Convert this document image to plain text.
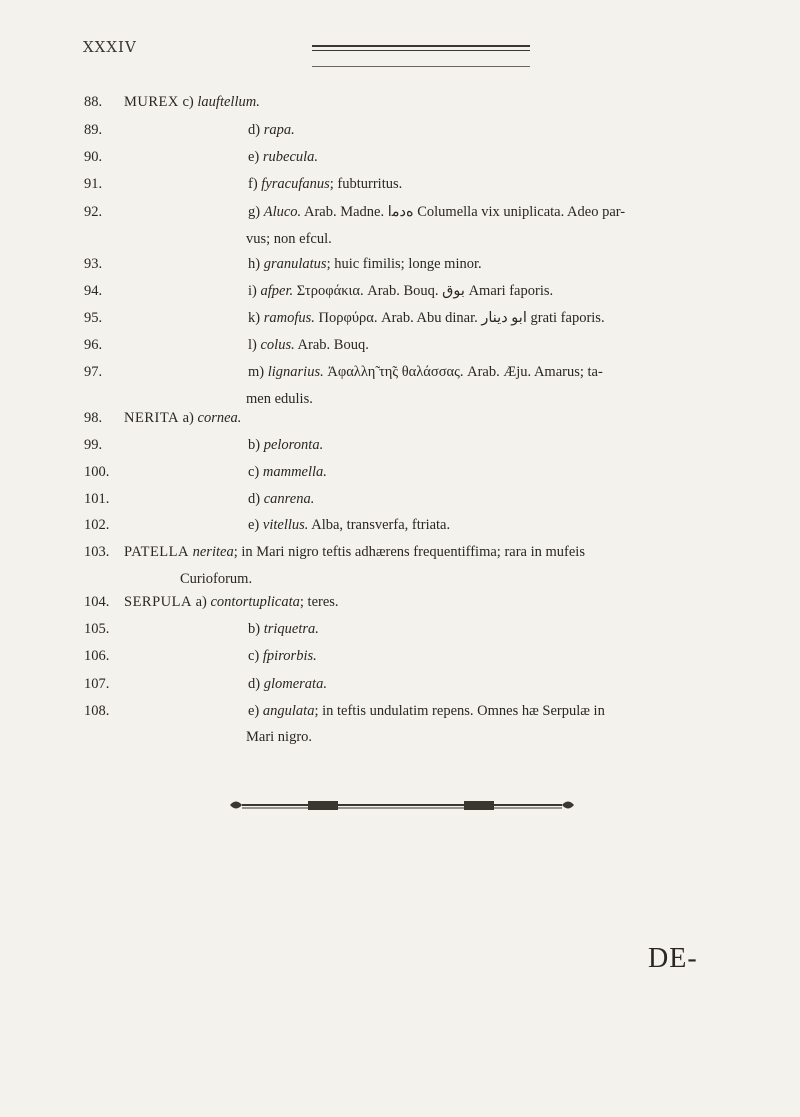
XXXIV
88. MUREX c) lauftellum.
89.	d) rapa.
90.	e) rubecula.
91.	f) fyracufanus; fubturritus.
92.	g) Aluco. Arab. Madne. ﻩﺩﻣﺍ Columella vix uniplicata. Adeo par-
vus; non efcul.
93.	h) granulatus; huic fimilis; longe minor.
94.	i) afper. Στροφάκια. Arab. Bouq. ﺑﻮﻕ Amari faporis.
95.	k) ramofus. Πορφύρα. Arab. Abu dinar. ﺍﺑﻮ ﺩﻳﻨﺎﺭ grati faporis.
96.	l) colus. Arab. Bouq.
97.	m) lignarius. Ἀφαλλη̃ τη̃ς θαλάσσας. Arab. Æju. Amarus; ta-
men edulis.
98. NERITA a) cornea.
99.	b) peloronta.
100.	c) mammella.
101.	d) canrena.
102.	e) vitellus. Alba, transverfa, ftriata.
103. PATELLA neritea; in Mari nigro teftis adhærens frequentiffima; rara in mufeis
Curioforum.
104. SERPULA a) contortuplicata; teres.
105.	b) triquetra.
106.	c) fpirorbis.
107.	d) glomerata.
108.	e) angulata; in teftis undulatim repens. Omnes hæ Serpulæ in
Mari nigro.
DE-
